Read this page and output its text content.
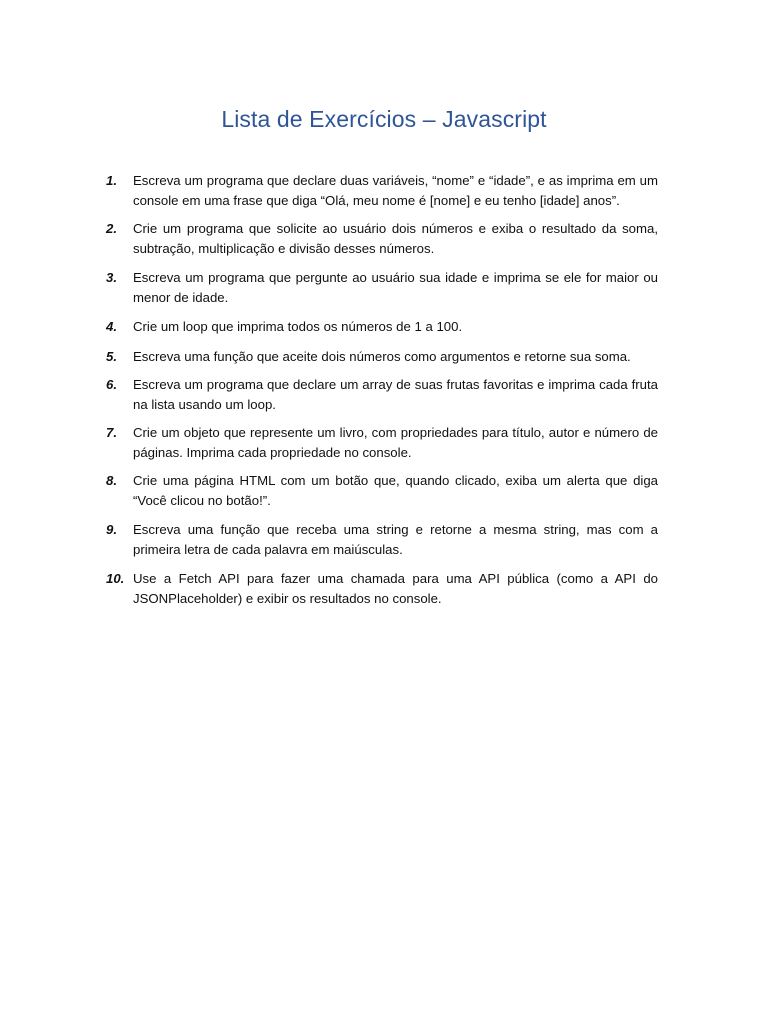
Lista de Exercícios – Javascript
1. Escreva um programa que declare duas variáveis, “nome” e “idade”, e as imprima em um console em uma frase que diga “Olá, meu nome é [nome] e eu tenho [idade] anos”.
2. Crie um programa que solicite ao usuário dois números e exiba o resultado da soma, subtração, multiplicação e divisão desses números.
3. Escreva um programa que pergunte ao usuário sua idade e imprima se ele for maior ou menor de idade.
4. Crie um loop que imprima todos os números de 1 a 100.
5. Escreva uma função que aceite dois números como argumentos e retorne sua soma.
6. Escreva um programa que declare um array de suas frutas favoritas e imprima cada fruta na lista usando um loop.
7. Crie um objeto que represente um livro, com propriedades para título, autor e número de páginas. Imprima cada propriedade no console.
8. Crie uma página HTML com um botão que, quando clicado, exiba um alerta que diga “Você clicou no botão!”.
9. Escreva uma função que receba uma string e retorne a mesma string, mas com a primeira letra de cada palavra em maiúsculas.
10. Use a Fetch API para fazer uma chamada para uma API pública (como a API do JSONPlaceholder) e exibir os resultados no console.
